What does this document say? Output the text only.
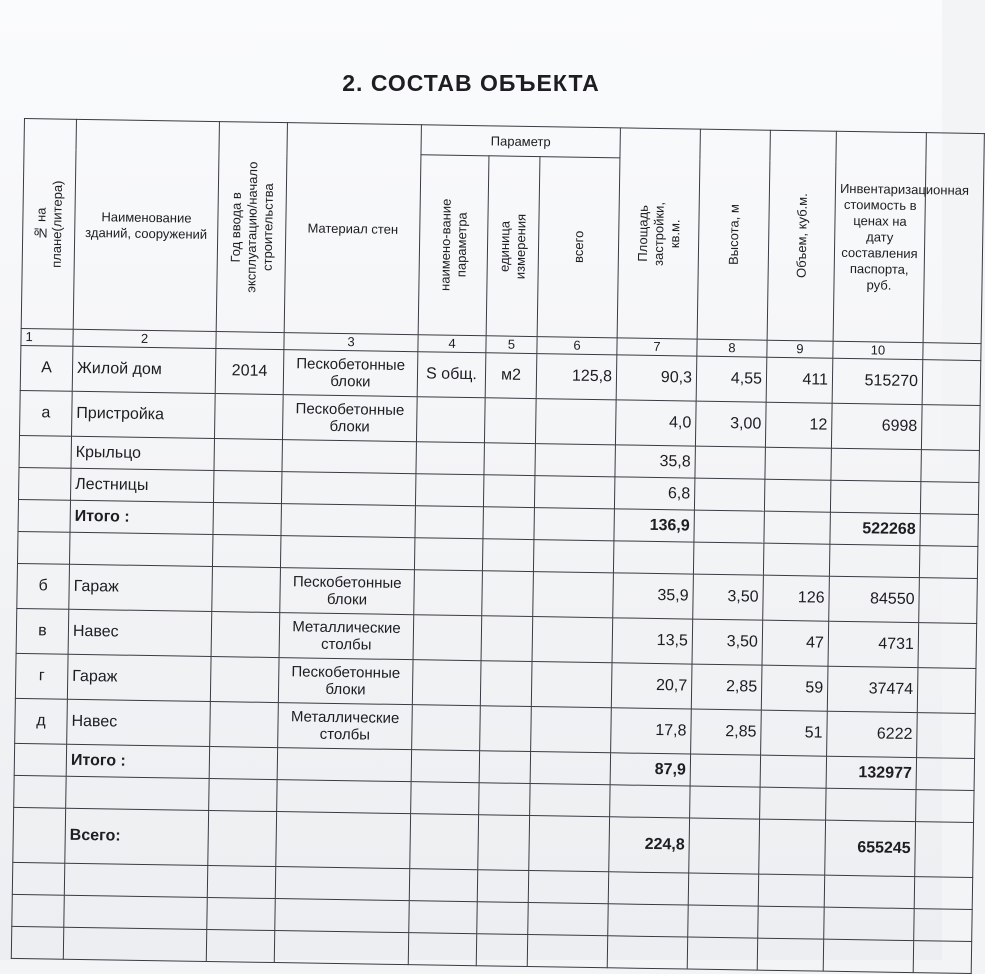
2. СОСТАВ ОБЪЕКТА
№ на
плане(литера)	Наименование зданий, сооружений	Год ввода в
эксплуатацию/начало
строительства	Материал стен	Параметр			Площадь
застройки,
кв.м.	Высота, м	Объем, куб.м.	Инвентаризационная стоимость в ценах на дату составления паспорта, руб.	

				наимено-вание
параметра	единица
измерения	всего					

1	2		3	4	5	6	7	8	9	10	
А	Жилой дом	2014	Пескобетонные блоки	S общ.	м2	125,8	90,3	4,55	411	515270	
а	Пристройка		Пескобетонные блоки				4,0	3,00	12	6998	
	Крыльцо						35,8				
	Лестницы						6,8				
	Итого :						136,9			522268	

б	Гараж		Пескобетонные блоки				35,9	3,50	126	84550	
в	Навес		Металлические столбы				13,5	3,50	47	4731	
г	Гараж		Пескобетонные блоки				20,7	2,85	59	37474	
д	Навес		Металлические столбы				17,8	2,85	51	6222	
	Итого :						87,9			132977	

	Всего:						224,8			655245	
